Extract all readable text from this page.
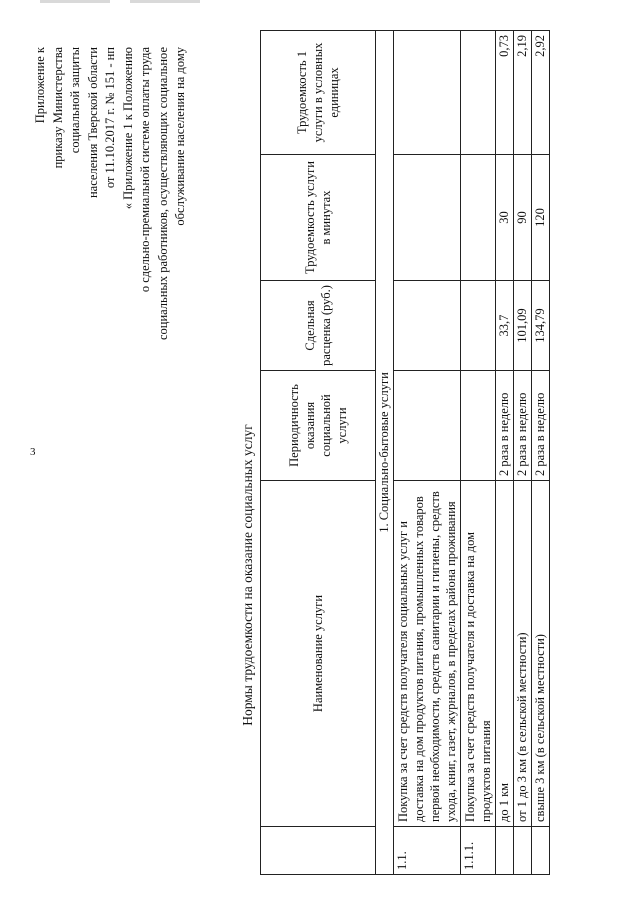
3
Приложение к приказу Министерства социальной защиты населения Тверской области от 11.10.2017 г. № 151 - нп « Приложение 1 к Положению о сдельно-премиальной системе оплаты труда социальных работников, осуществляющих социальное обслуживание населения на дому
Нормы трудоемкости на оказание социальных услуг
		Наименование услуги	Периодичность оказания социальной услуги	Сдельная расценка (руб.)	Трудоемкость услуги в минутах	Трудоемкость 1 услуги в условных единицах
1. Социально-бытовые услуги					
1.1.	Покупка за счет средств получателя социальных услуг и доставка на дом продуктов питания, промышленных товаров первой необходимости, средств санитарии и гигиены, средств ухода, книг, газет, журналов, в пределах района проживания				
1.1.1.	Покупка за счет средств получателя и доставка на дом продуктов питания				
	до 1 км	2 раза в неделю	33,7	30	0,73
	от 1 до 3 км (в сельской местности)	2 раза в неделю	101,09	90	2,19
	свыше 3 км (в сельской местности)	2 раза в неделю	134,79	120	2,92
